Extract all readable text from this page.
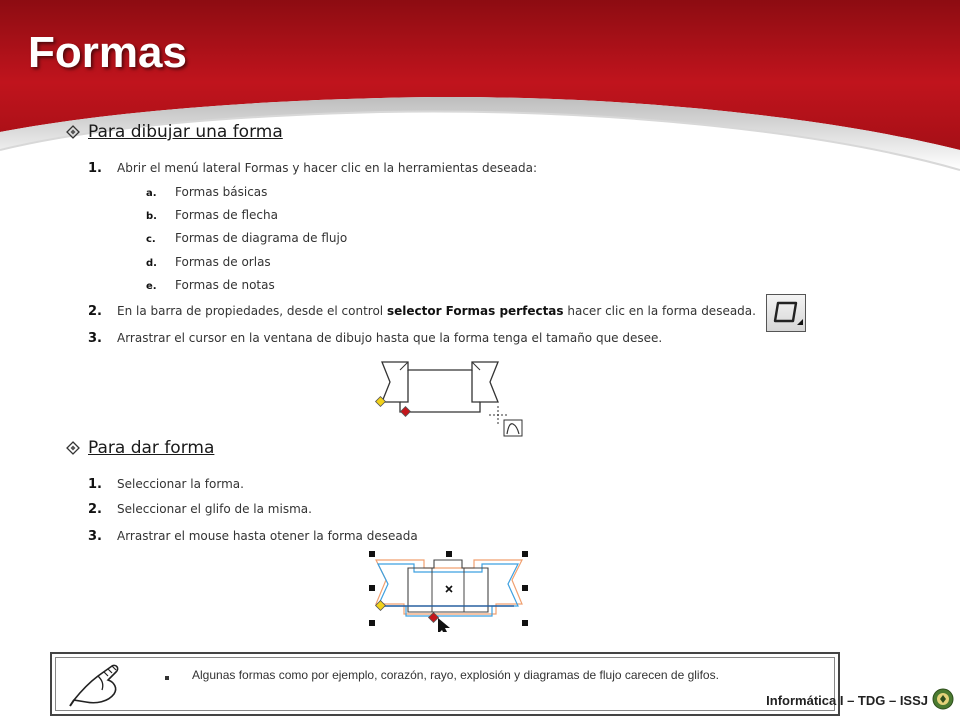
Formas
Para dibujar una forma
1.	Abrir el menú lateral Formas y hacer clic en la herramientas deseada:
a.	Formas básicas
b.	Formas de flecha
c.	Formas de diagrama de flujo
d.	Formas de orlas
e.	Formas de notas
2.	En la barra de propiedades, desde el control selector Formas perfectas hacer clic en la forma deseada.
3.	Arrastrar el cursor en la ventana de dibujo hasta que la forma tenga el tamaño que desee.
Para dar forma
1.	Seleccionar la forma.
2.	Seleccionar el glifo de la misma.
3.	Arrastrar el mouse hasta otener la forma deseada
Algunas formas como por ejemplo, corazón, rayo, explosión y diagramas de flujo carecen de glifos.
Informática I – TDG – ISSJ
